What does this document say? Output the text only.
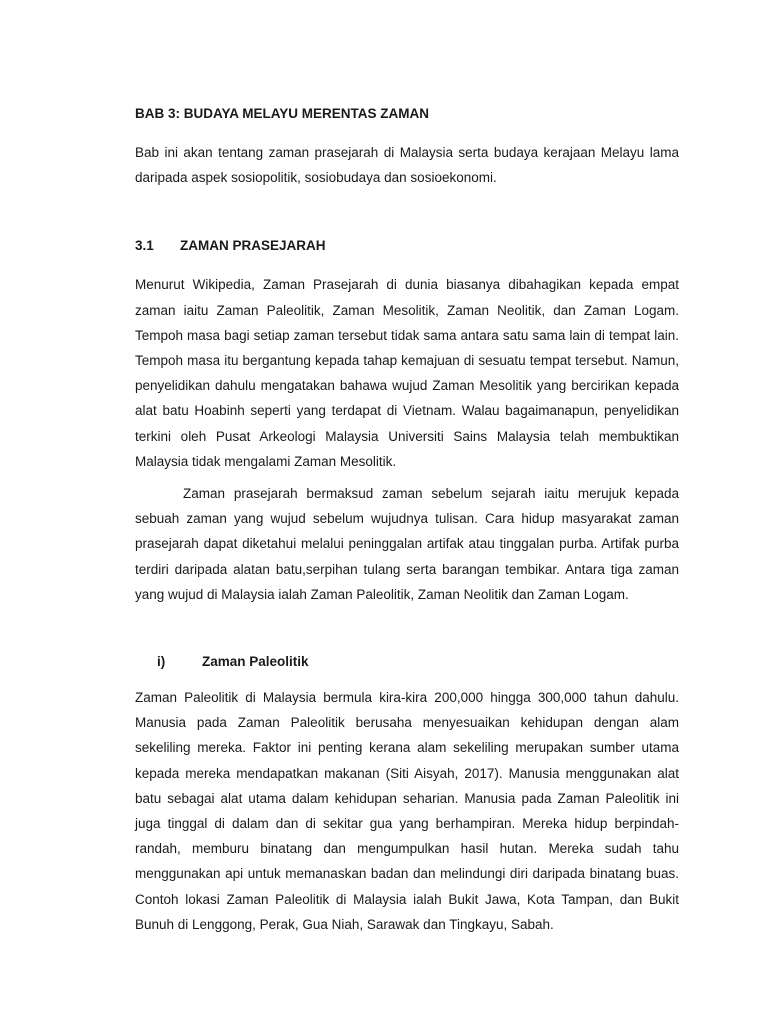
BAB 3: BUDAYA MELAYU MERENTAS ZAMAN

Bab ini akan tentang zaman prasejarah di Malaysia serta budaya kerajaan Melayu lama daripada aspek sosiopolitik, sosiobudaya dan sosioekonomi.

3.1 ZAMAN PRASEJARAH

Menurut Wikipedia, Zaman Prasejarah di dunia biasanya dibahagikan kepada empat zaman iaitu Zaman Paleolitik, Zaman Mesolitik, Zaman Neolitik, dan Zaman Logam. Tempoh masa bagi setiap zaman tersebut tidak sama antara satu sama lain di tempat lain. Tempoh masa itu bergantung kepada tahap kemajuan di sesuatu tempat tersebut. Namun, penyelidikan dahulu mengatakan bahawa wujud Zaman Mesolitik yang bercirikan kepada alat batu Hoabinh seperti yang terdapat di Vietnam. Walau bagaimanapun, penyelidikan terkini oleh Pusat Arkeologi Malaysia Universiti Sains Malaysia telah membuktikan Malaysia tidak mengalami Zaman Mesolitik.

Zaman prasejarah bermaksud zaman sebelum sejarah iaitu merujuk kepada sebuah zaman yang wujud sebelum wujudnya tulisan. Cara hidup masyarakat zaman prasejarah dapat diketahui melalui peninggalan artifak atau tinggalan purba. Artifak purba terdiri daripada alatan batu,serpihan tulang serta barangan tembikar. Antara tiga zaman yang wujud di Malaysia ialah Zaman Paleolitik, Zaman Neolitik dan Zaman Logam.

i)	Zaman Paleolitik

Zaman Paleolitik di Malaysia bermula kira-kira 200,000 hingga 300,000 tahun dahulu. Manusia pada Zaman Paleolitik berusaha menyesuaikan kehidupan dengan alam sekeliling mereka. Faktor ini penting kerana alam sekeliling merupakan sumber utama kepada mereka mendapatkan makanan (Siti Aisyah, 2017). Manusia menggunakan alat batu sebagai alat utama dalam kehidupan seharian. Manusia pada Zaman Paleolitik ini juga tinggal di dalam dan di sekitar gua yang berhampiran. Mereka hidup berpindah-randah, memburu binatang dan mengumpulkan hasil hutan. Mereka sudah tahu menggunakan api untuk memanaskan badan dan melindungi diri daripada binatang buas. Contoh lokasi Zaman Paleolitik di Malaysia ialah Bukit Jawa, Kota Tampan, dan Bukit Bunuh di Lenggong, Perak, Gua Niah, Sarawak dan Tingkayu, Sabah.
